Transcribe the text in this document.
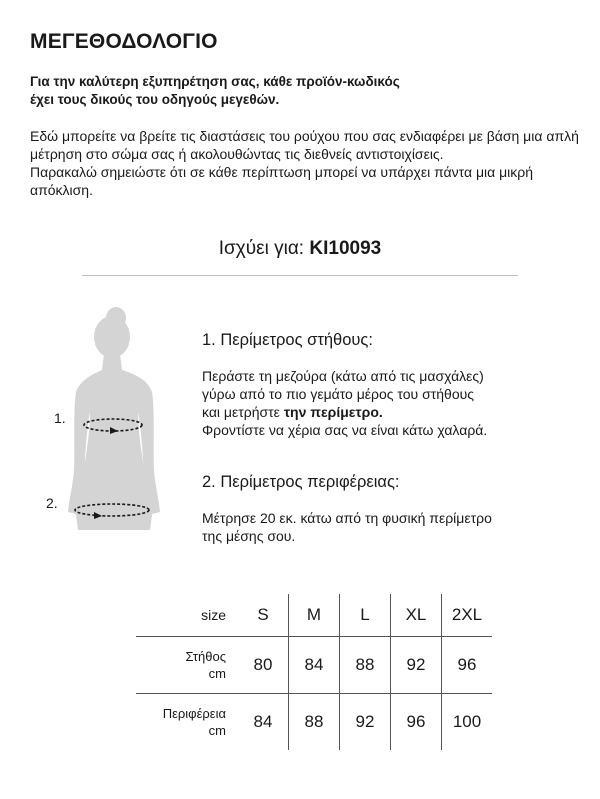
ΜΕΓΕΘΟΔΟΛΟΓΙΟ
Για την καλύτερη εξυπηρέτηση σας, κάθε προϊόν-κωδικός
έχει τους δικούς του οδηγούς μεγεθών.

Εδώ μπορείτε να βρείτε τις διαστάσεις του ρούχου που σας ενδιαφέρει με βάση μια απλή μέτρηση στο σώμα σας ή ακολουθώντας τις διεθνείς αντιστοιχίσεις.

Παρακαλώ σημειώστε ότι σε κάθε περίπτωση μπορεί να υπάρχει πάντα μια μικρή απόκλιση.

Ισχύει για: KI10093
1.
2.
1. Περίμετρος στήθους:
Περάστε τη μεζούρα (κάτω από τις μασχάλες)
γύρω από το πιο γεμάτο μέρος του στήθους
και μετρήστε την περίμετρο.
Φροντίστε να χέρια σας να είναι κάτω χαλαρά.
2. Περίμετρος περιφέρειας:
Μέτρησε 20 εκ. κάτω από τη φυσική περίμετρο
της μέσης σου.
size	S	M	L	XL	2XL

Στήθος
cm	80	84	88	92	96

Περιφέρεια
cm	84	88	92	96	100
